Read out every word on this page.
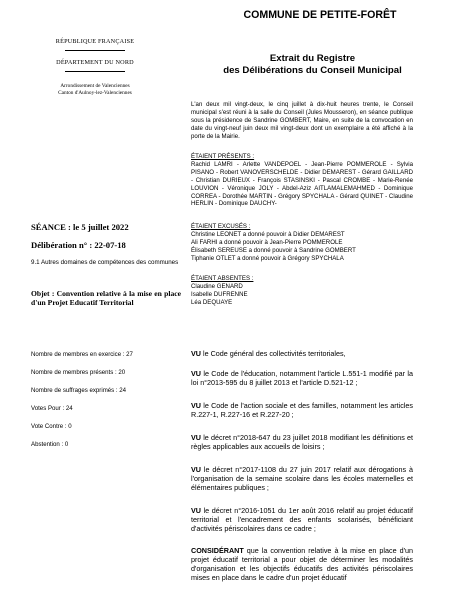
RÉPUBLIQUE FRANÇAISE
DÉPARTEMENT DU NORD
Arrondissement de Valenciennes
Canton d'Aulnoy-lez-Valenciennes
SÉANCE : le 5 juillet 2022
Délibération n° : 22-07-18
9.1 Autres domaines de compétences des communes
Objet : Convention relative à la mise en place d'un Projet Educatif Territorial
Nombre de membres en exercice : 27
Nombre de membres présents : 20
Nombre de suffrages exprimés : 24
Votes Pour : 24
Vote Contre : 0
Abstention : 0
COMMUNE DE PETITE-FORÊT
Extrait du Registre
des Délibérations du Conseil Municipal
L'an deux mil vingt-deux, le cinq juillet à dix-huit heures trente, le Conseil municipal s'est réuni à la salle du Conseil (Jules Mousseron), en séance publique sous la présidence de Sandrine GOMBERT, Maire, en suite de la convocation en date du vingt-neuf juin deux mil vingt-deux dont un exemplaire a été affiché à la porte de la Mairie.
ÉTAIENT PRÉSENTS :
Rachid LAMRI - Arlette VANDEPOEL - Jean-Pierre POMMEROLE - Sylvia PISANO - Robert VANOVERSCHELDE - Didier DEMAREST - Gérard GAILLARD - Christian DURIEUX - François STASINSKI - Pascal CROMBE - Marie-Renée LOUVION - Véronique JOLY - Abdel-Aziz AITLAMALEMAHMED - Dominique CORREA - Dorothée MARTIN - Grégory SPYCHALA - Gérard QUINET - Claudine HERLIN - Dominique DAUCHY-
ÉTAIENT EXCUSÉS :
Christine LEONET a donné pouvoir à Didier DEMAREST
Ali FARHI a donné pouvoir à Jean-Pierre POMMEROLE
Élisabeth SEREUSE a donné pouvoir à Sandrine GOMBERT
Tiphanie OTLET a donné pouvoir à Grégory SPYCHALA
ÉTAIENT ABSENTES :
Claudine GENARD
Isabelle DUFRENNE
Léa DEQUAYE
VU le Code général des collectivités territoriales,
VU le Code de l'éducation, notamment l'article L.551-1 modifié par la loi n°2013-595 du 8 juillet 2013 et l'article D.521-12 ;
VU le Code de l'action sociale et des familles, notamment les articles R.227-1, R.227-16 et R.227-20 ;
VU le décret n°2018-647 du 23 juillet 2018 modifiant les définitions et règles applicables aux accueils de loisirs ;
VU le décret n°2017-1108 du 27 juin 2017 relatif aux dérogations à l'organisation de la semaine scolaire dans les écoles maternelles et élémentaires publiques ;
VU le décret n°2016-1051 du 1er août 2016 relatif au projet éducatif territorial et l'encadrement des enfants scolarisés, bénéficiant d'activités périscolaires dans ce cadre ;
CONSIDÉRANT que la convention relative à la mise en place d'un projet éducatif territorial a pour objet de déterminer les modalités d'organisation et les objectifs éducatifs des activités périscolaires mises en place dans le cadre d'un projet éducatif
